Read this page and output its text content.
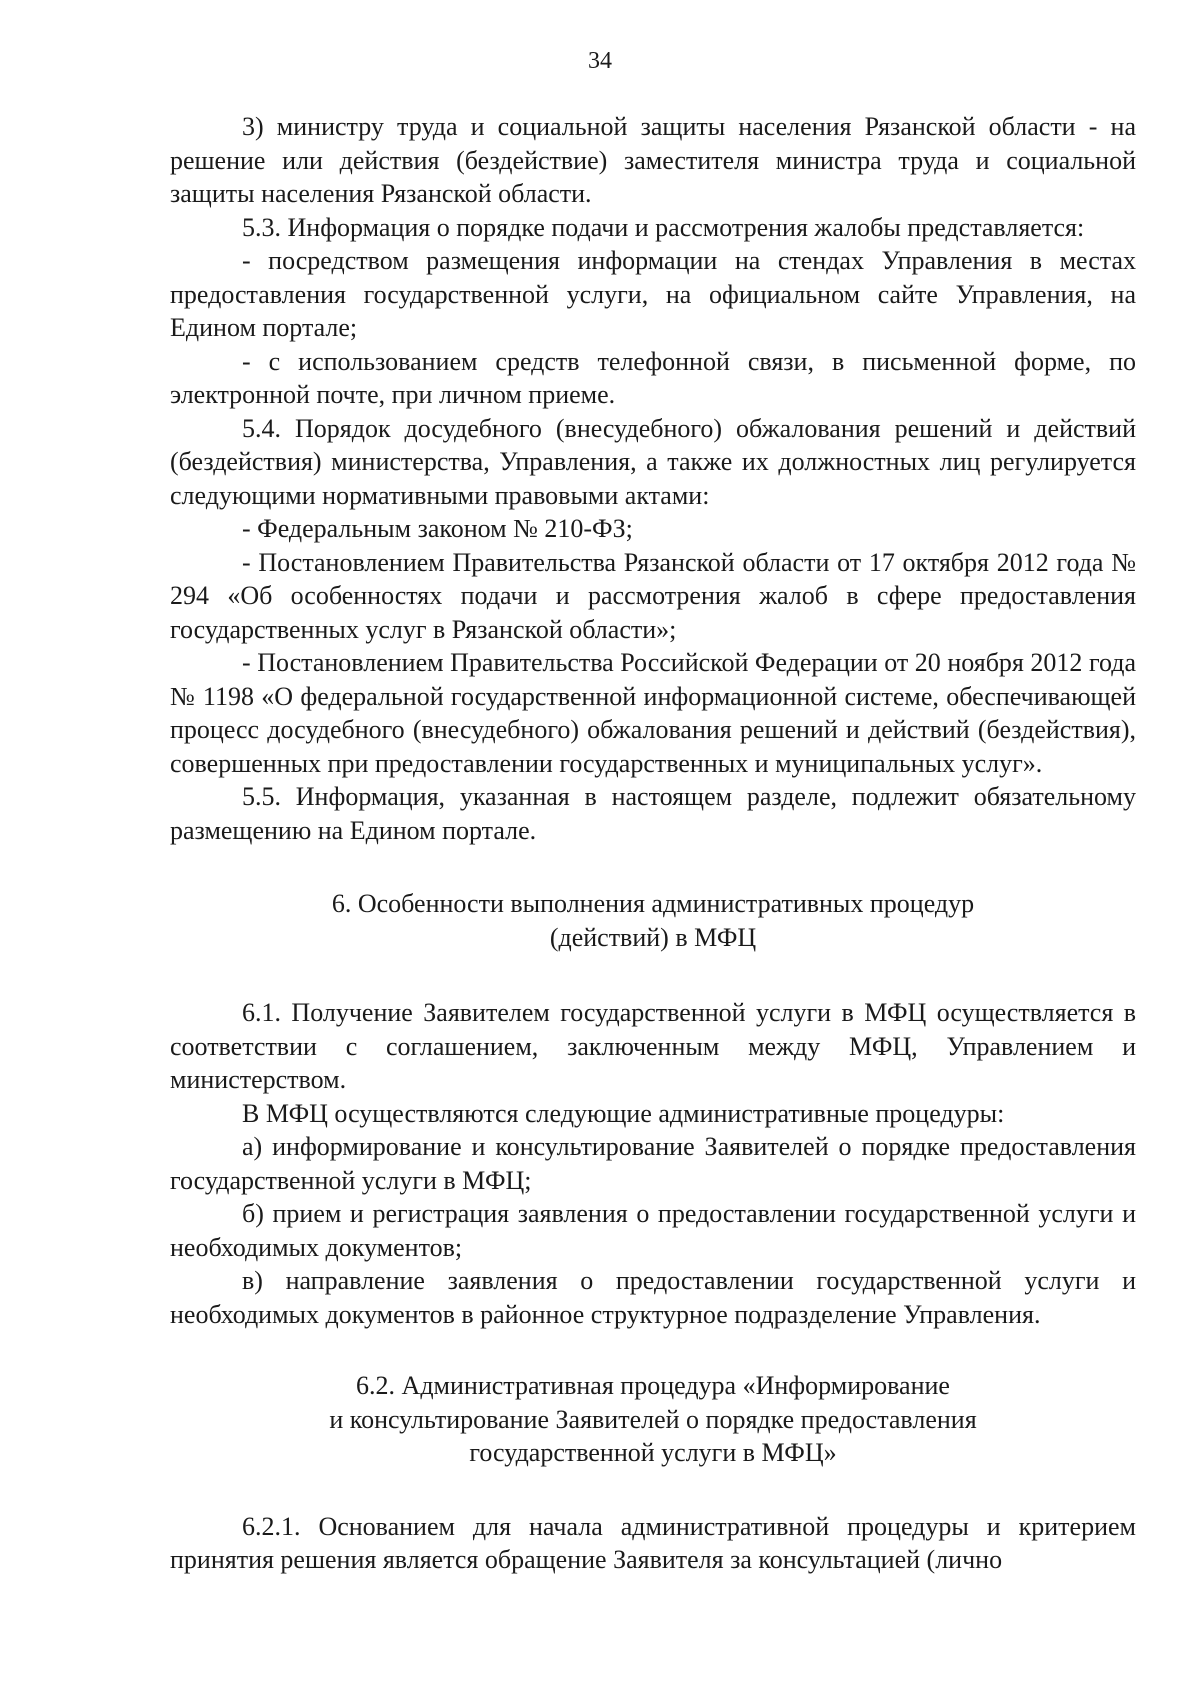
34

3) министру труда и социальной защиты населения Рязанской области - на решение или действия (бездействие) заместителя министра труда и социальной защиты населения Рязанской области.

5.3. Информация о порядке подачи и рассмотрения жалобы представляется:

- посредством размещения информации на стендах Управления в местах предоставления государственной услуги, на официальном сайте Управления, на Едином портале;

- с использованием средств телефонной связи, в письменной форме, по электронной почте, при личном приеме.

5.4. Порядок досудебного (внесудебного) обжалования решений и действий (бездействия) министерства, Управления, а также их должностных лиц регулируется следующими нормативными правовыми актами:

- Федеральным законом № 210-ФЗ;

- Постановлением Правительства Рязанской области от 17 октября 2012 года № 294 «Об особенностях подачи и рассмотрения жалоб в сфере предоставления государственных услуг в Рязанской области»;

- Постановлением Правительства Российской Федерации от 20 ноября 2012 года № 1198 «О федеральной государственной информационной системе, обеспечивающей процесс досудебного (внесудебного) обжалования решений и действий (бездействия), совершенных при предоставлении государственных и муниципальных услуг».

5.5. Информация, указанная в настоящем разделе, подлежит обязательному размещению на Едином портале.

6. Особенности выполнения административных процедур
(действий) в МФЦ

6.1. Получение Заявителем государственной услуги в МФЦ осуществляется в соответствии с соглашением, заключенным между МФЦ, Управлением и министерством.

В МФЦ осуществляются следующие административные процедуры:

а) информирование и консультирование Заявителей о порядке предоставления государственной услуги в МФЦ;

б) прием и регистрация заявления о предоставлении государственной услуги и необходимых документов;

в) направление заявления о предоставлении государственной услуги и необходимых документов в районное структурное подразделение Управления.

6.2. Административная процедура «Информирование
и консультирование Заявителей о порядке предоставления
государственной услуги в МФЦ»

6.2.1. Основанием для начала административной процедуры и критерием принятия решения является обращение Заявителя за консультацией (лично
